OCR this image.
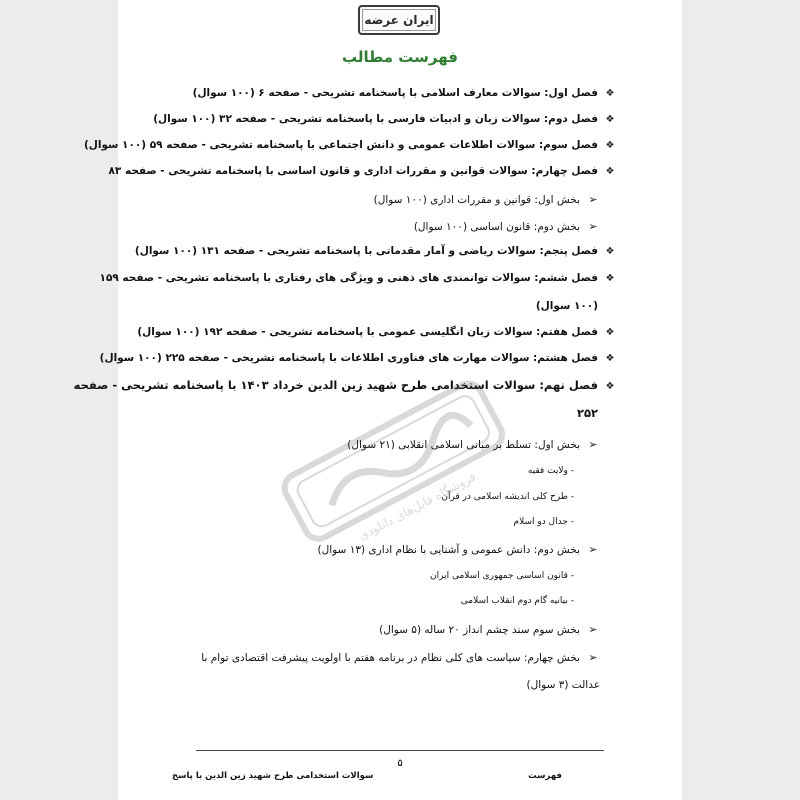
ایران عرضه
فهرست مطالب
❖فصل اول: سوالات معارف اسلامی با پاسخنامه تشریحی - صفحه ۶ (۱۰۰ سوال)
❖فصل دوم: سوالات زبان و ادبیات فارسی با پاسخنامه تشریحی - صفحه ۳۲ (۱۰۰ سوال)
❖فصل سوم: سوالات اطلاعات عمومی و دانش اجتماعی با پاسخنامه تشریحی - صفحه ۵۹ (۱۰۰ سوال)
❖فصل چهارم: سوالات قوانین و مقررات اداری و قانون اساسی با پاسخنامه تشریحی - صفحه ۸۳
➢بخش اول: قوانین و مقررات اداری (۱۰۰ سوال)
➢بخش دوم: قانون اساسی (۱۰۰ سوال)
❖فصل پنجم: سوالات ریاضی و آمار مقدماتی با پاسخنامه تشریحی - صفحه ۱۳۱ (۱۰۰ سوال)
❖فصل ششم: سوالات توانمندی های ذهنی و ویژگی های رفتاری با پاسخنامه تشریحی - صفحه ۱۵۹
(۱۰۰ سوال)
❖فصل هفتم: سوالات زبان انگلیسی عمومی با پاسخنامه تشریحی - صفحه ۱۹۲ (۱۰۰ سوال)
❖فصل هشتم: سوالات مهارت های فناوری اطلاعات با پاسخنامه تشریحی - صفحه ۲۲۵ (۱۰۰ سوال)
❖فصل نهم: سوالات استخدامی طرح شهید زین الدین خرداد ۱۴۰۳ با پاسخنامه تشریحی - صفحه
۲۵۲
➢بخش اول: تسلط بر مبانی اسلامی انقلابی (۲۱ سوال)
- ولایت فقیه
- طرح کلی اندیشه اسلامی در قرآن
- جدال دو اسلام
➢بخش دوم: دانش عمومی و آشنایی با نظام اداری (۱۳ سوال)
- قانون اساسی جمهوری اسلامی ایران
- بیانیه گام دوم انقلاب اسلامی
➢بخش سوم سند چشم انداز ۲۰ ساله (۵ سوال)
➢بخش چهارم: سیاست های کلی نظام در برنامه هفتم با اولویت پیشرفت اقتصادی توام با
عدالت (۳ سوال)
فروشگاه فایل‌های دانلودی
۵
سوالات استخدامی طرح شهید زین الدین با پاسخ	فهرست
